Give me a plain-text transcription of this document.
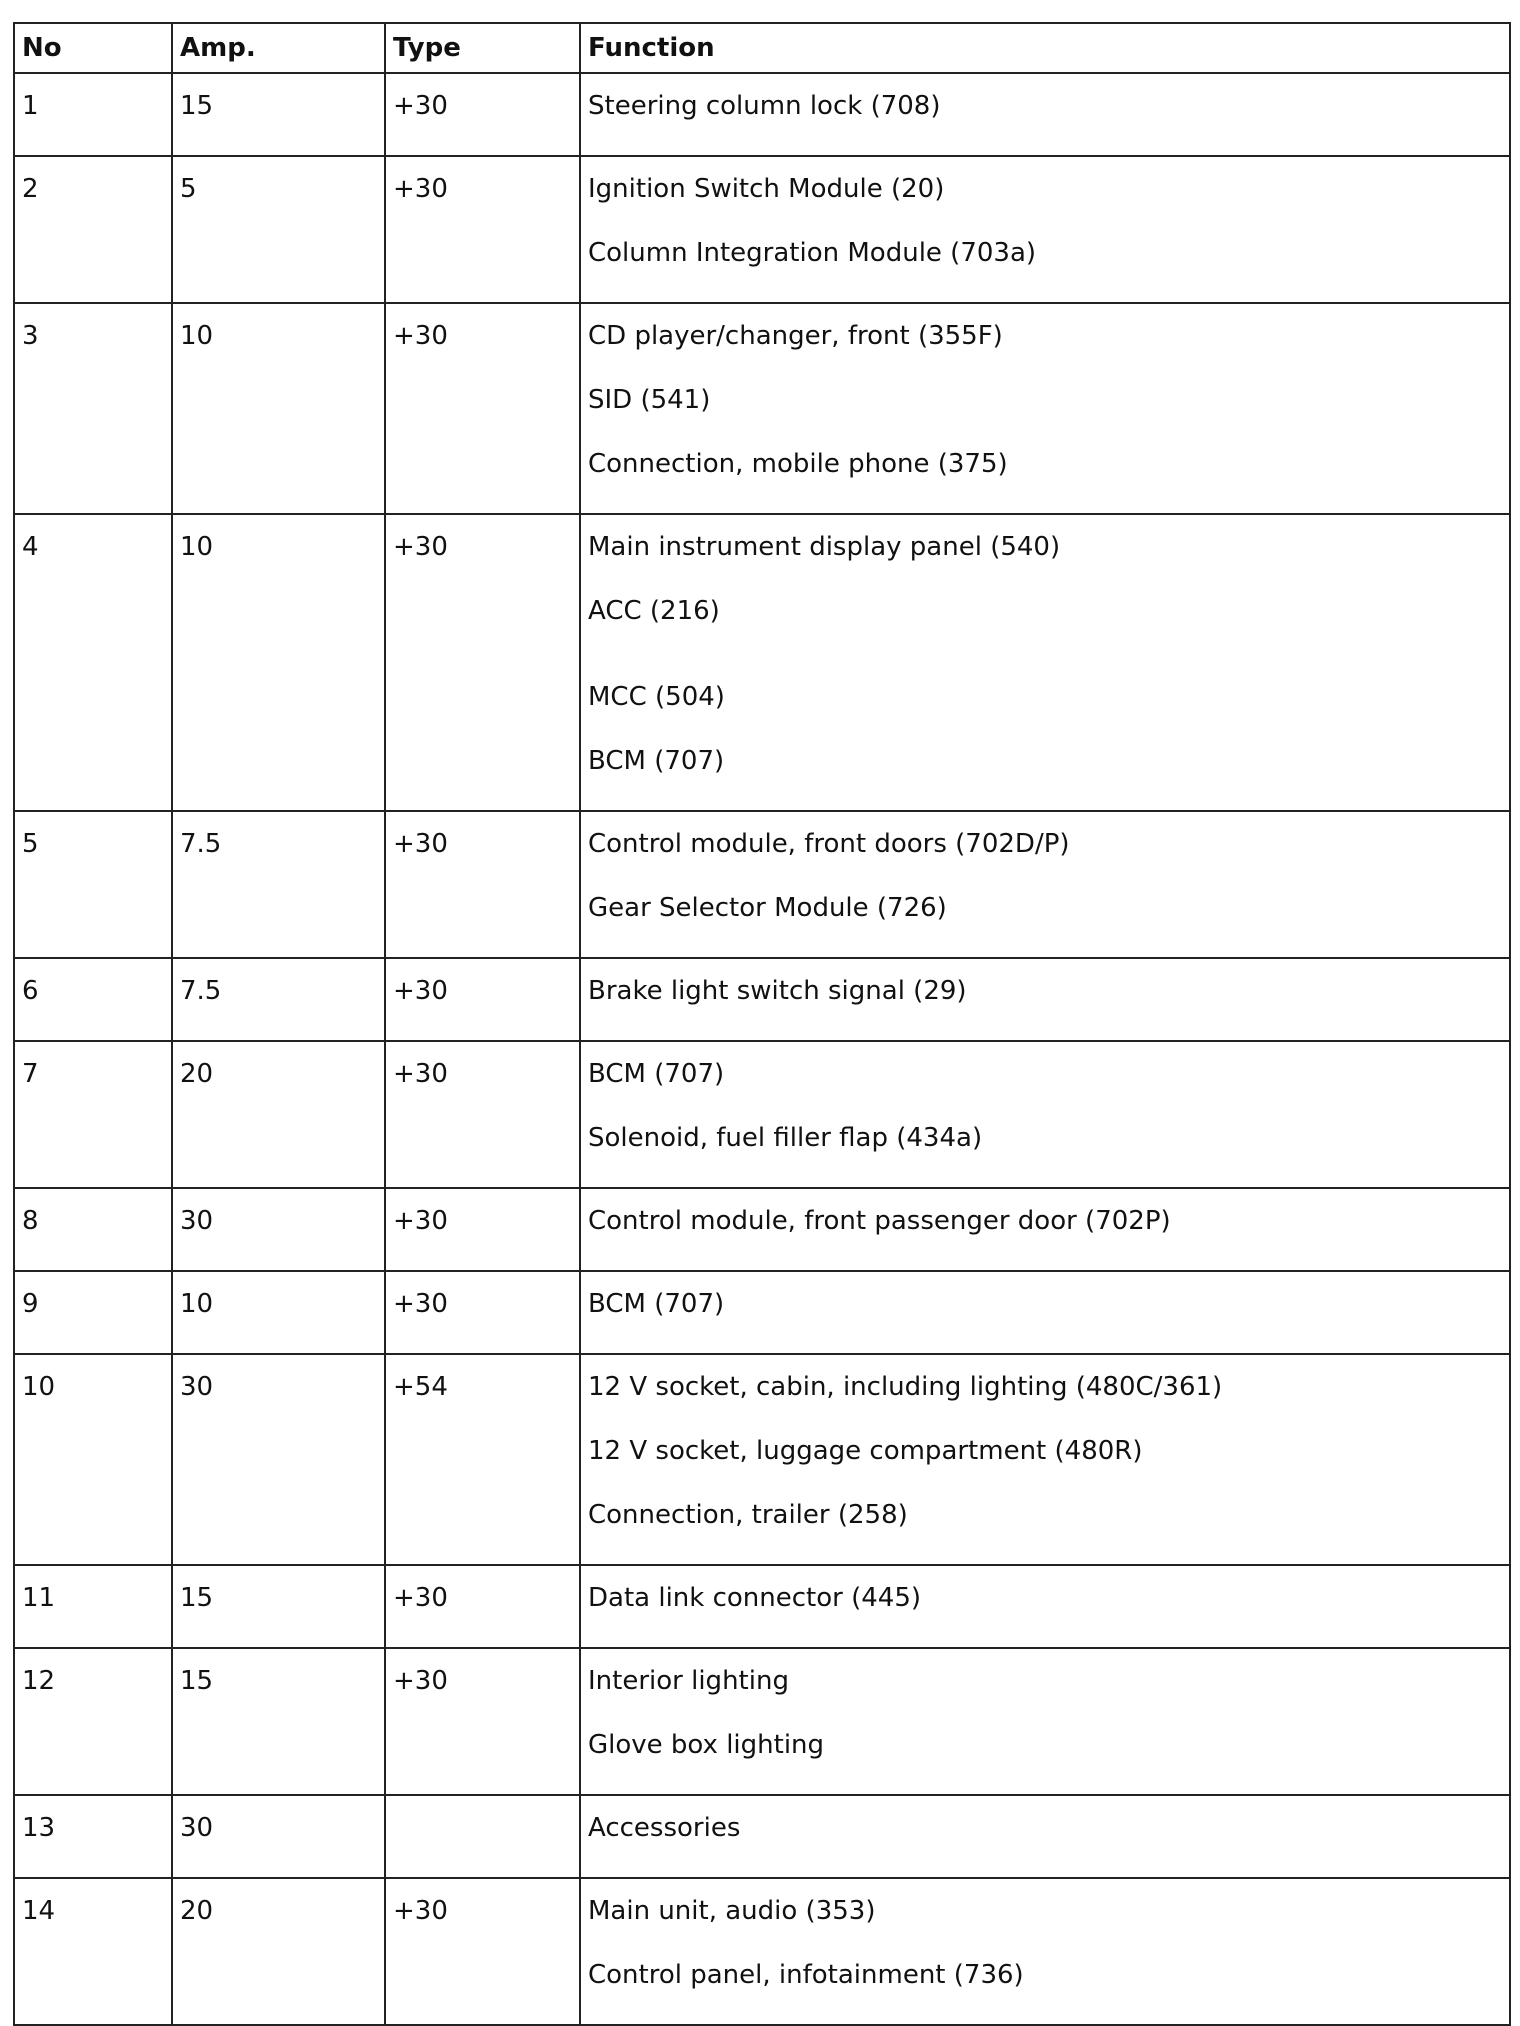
No	Amp.	Type	Function

1	15	+30	Steering column lock (708)

2	5	+30	Ignition Switch Module (20)
Column Integration Module (703a)

3	10	+30	CD player/changer, front (355F)
SID (541)
Connection, mobile phone (375)

4	10	+30	Main instrument display panel (540)
ACC (216)
MCC (504)
BCM (707)

5	7.5	+30	Control module, front doors (702D/P)
Gear Selector Module (726)

6	7.5	+30	Brake light switch signal (29)

7	20	+30	BCM (707)
Solenoid, fuel filler flap (434a)

8	30	+30	Control module, front passenger door (702P)

9	10	+30	BCM (707)

10	30	+54	12 V socket, cabin, including lighting (480C/361)
12 V socket, luggage compartment (480R)
Connection, trailer (258)

11	15	+30	Data link connector (445)

12	15	+30	Interior lighting
Glove box lighting

13	30		Accessories

14	20	+30	Main unit, audio (353)
Control panel, infotainment (736)
